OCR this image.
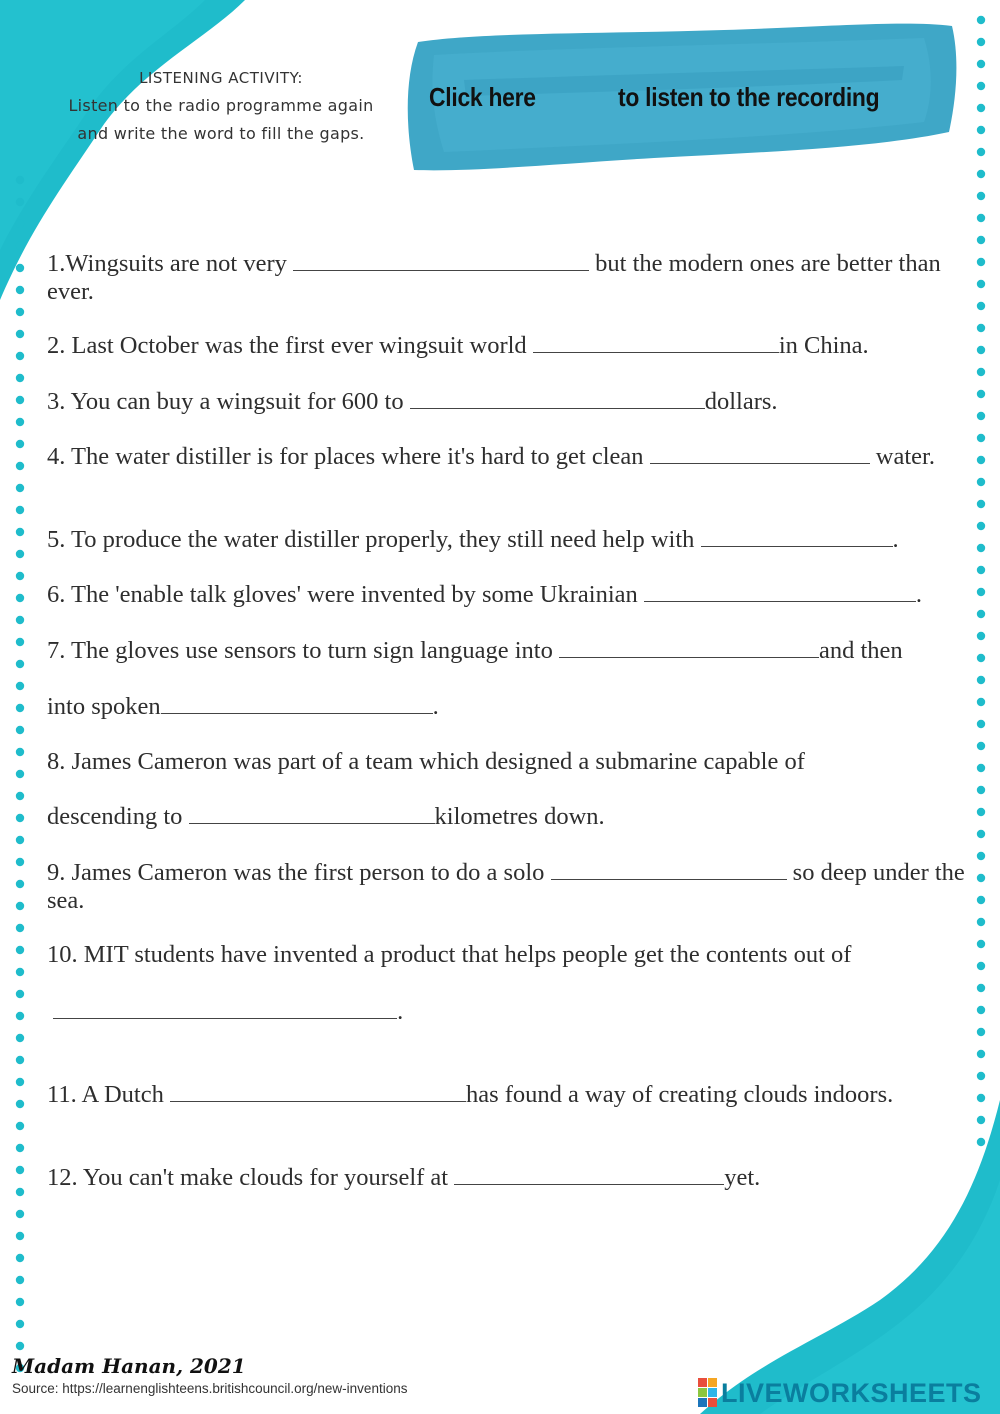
LISTENING ACTIVITY:
Listen to the radio programme again and write the word to fill the gaps.
Click here	to listen to the recording

1.Wingsuits are not very	but the modern ones are better than ever.

2. Last October was the first ever wingsuit world	in China.

3. You can buy a wingsuit for 600 to	dollars.

4. The water distiller is for places where it's hard to get clean	water.

5. To produce the water distiller properly, they still need help with	.

6. The 'enable talk gloves' were invented by some Ukrainian	.

7. The gloves use sensors to turn sign language into	and then

into spoken	.

8. James Cameron was part of a team which designed a submarine capable of

descending to	kilometres down.

9. James Cameron was the first person to do a solo	so deep under the sea.

10. MIT students have invented a product that helps people get the contents out of

.

11. A Dutch	has found a way of creating clouds indoors.

12. You can't make clouds for yourself at	yet.

Madam Hanan, 2021
Source: https://learnenglishteens.britishcouncil.org/new-inventions	LIVEWORKSHEETS
